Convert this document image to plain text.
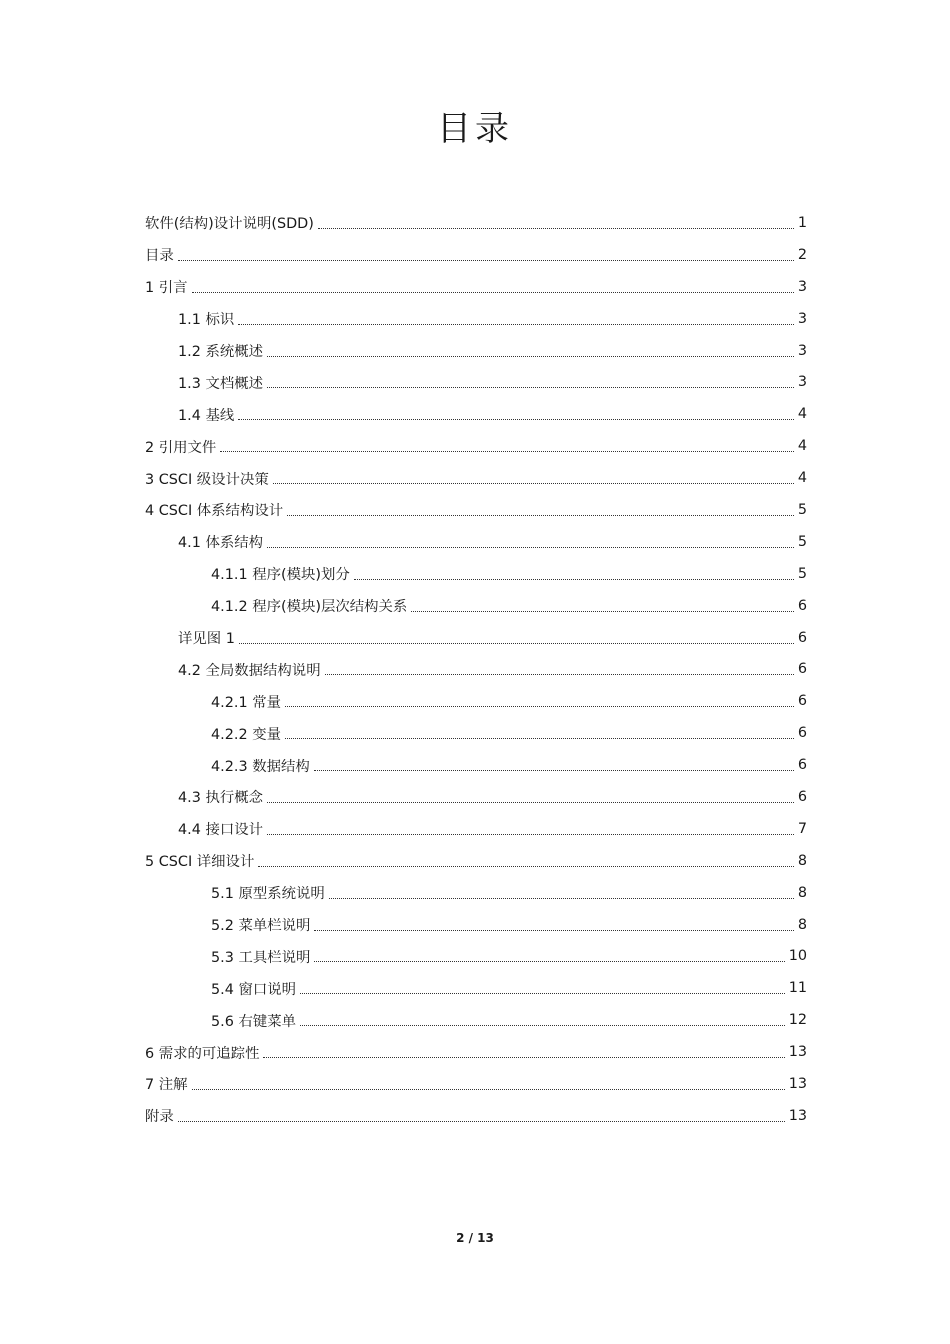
目录
软件(结构)设计说明(SDD)	1
目录	2
1 引言	3
1.1 标识	3
1.2 系统概述	3
1.3 文档概述	3
1.4 基线	4
2 引用文件	4
3 CSCI 级设计决策	4
4 CSCI 体系结构设计	5
4.1 体系结构	5
4.1.1 程序(模块)划分	5
4.1.2 程序(模块)层次结构关系	6
详见图 1	6
4.2 全局数据结构说明	6
4.2.1 常量	6
4.2.2 变量	6
4.2.3 数据结构	6
4.3 执行概念	6
4.4 接口设计	7
5 CSCI 详细设计	8
5.1 原型系统说明	8
5.2 菜单栏说明	8
5.3 工具栏说明	10
5.4 窗口说明	11
5.6 右键菜单	12
6 需求的可追踪性	13
7 注解	13
附录	13
2 / 13
